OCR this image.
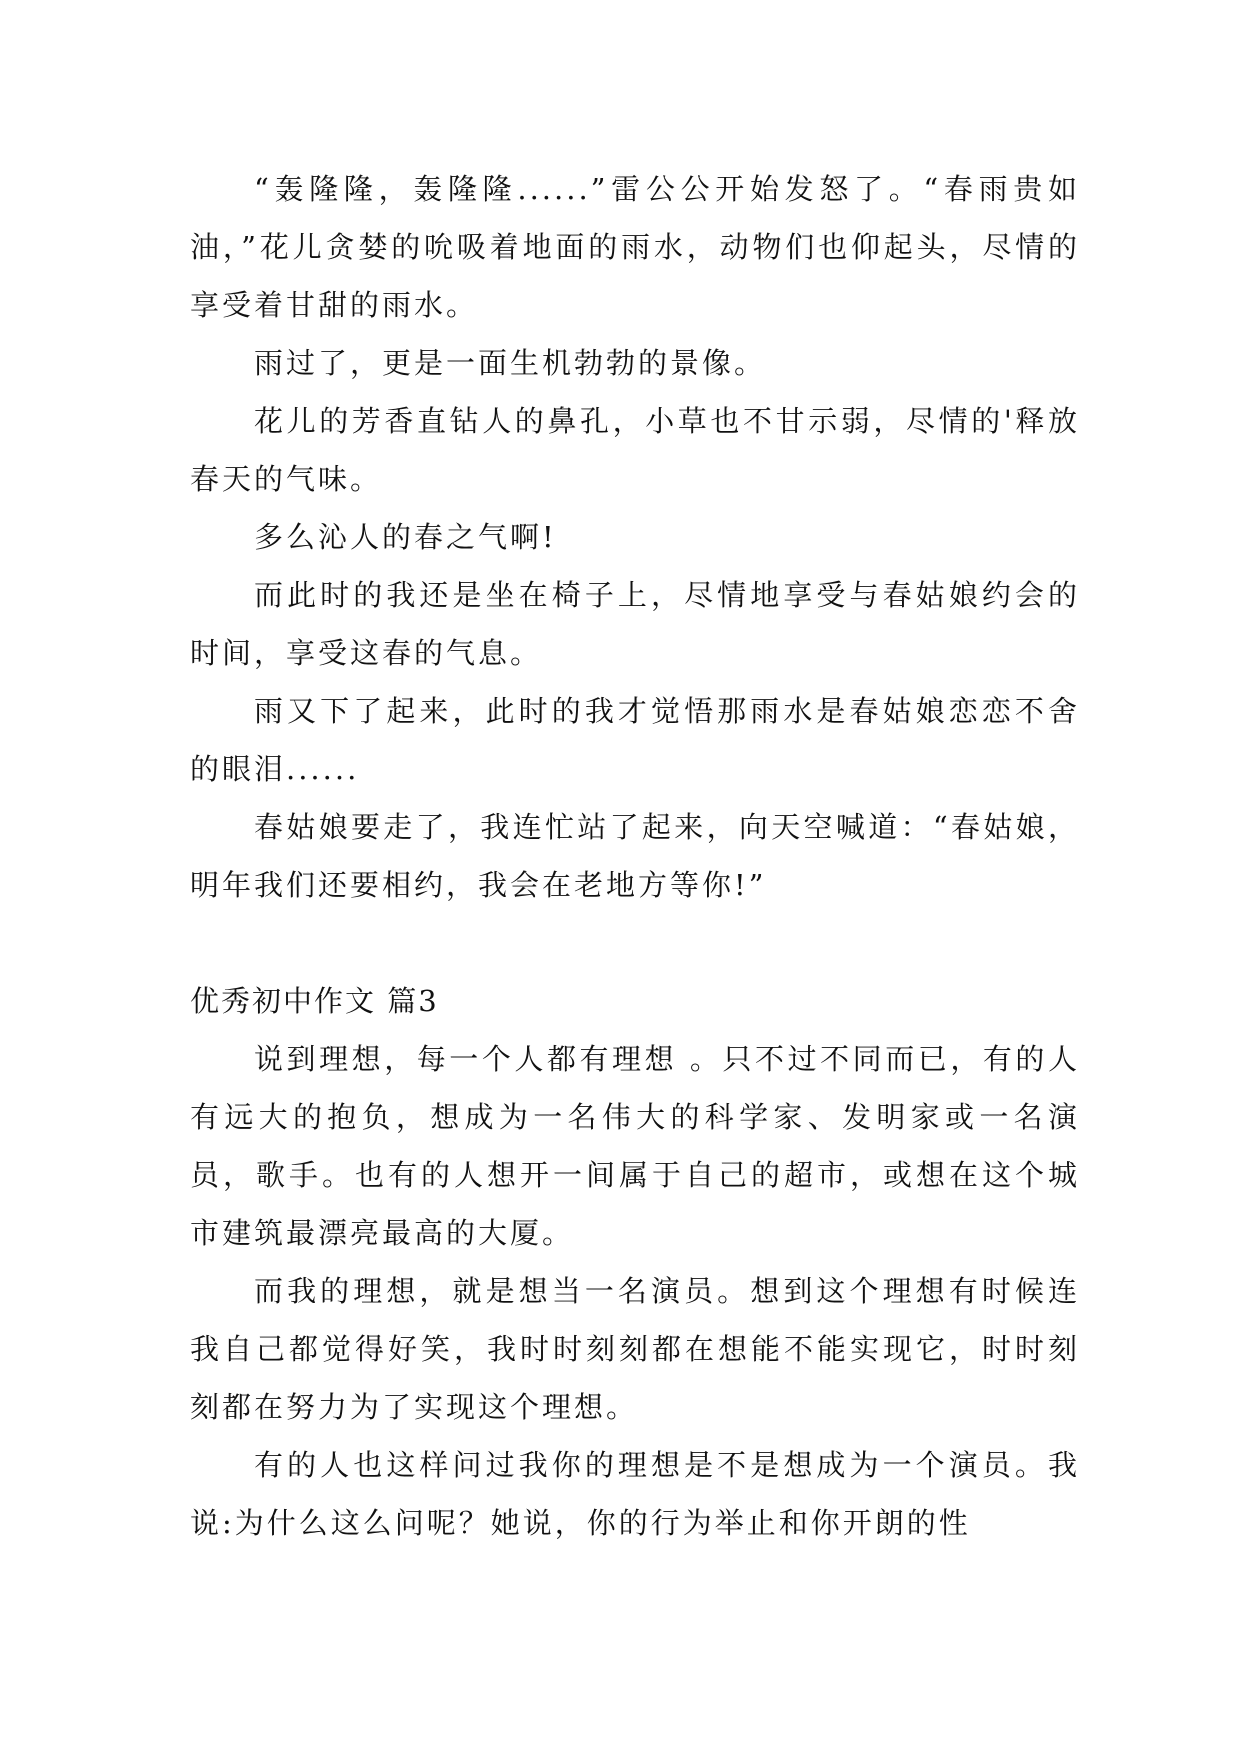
“轰隆隆，轰隆隆......”雷公公开始发怒了。“春雨贵如油，”花儿贪婪的吮吸着地面的雨水，动物们也仰起头，尽情的享受着甘甜的雨水。

雨过了，更是一面生机勃勃的景像。

花儿的芳香直钻人的鼻孔，小草也不甘示弱，尽情的'释放春天的气味。

多么沁人的春之气啊!

而此时的我还是坐在椅子上，尽情地享受与春姑娘约会的时间，享受这春的气息。

雨又下了起来，此时的我才觉悟那雨水是春姑娘恋恋不舍的眼泪......

春姑娘要走了，我连忙站了起来，向天空喊道：“春姑娘，明年我们还要相约，我会在老地方等你!”

优秀初中作文 篇3

说到理想，每一个人都有理想 。只不过不同而已，有的人有远大的抱负，想成为一名伟大的科学家、发明家或一名演员，歌手。也有的人想开一间属于自己的超市，或想在这个城市建筑最漂亮最高的大厦。

而我的理想，就是想当一名演员。想到这个理想有时候连我自己都觉得好笑，我时时刻刻都在想能不能实现它，时时刻刻都在努力为了实现这个理想。

有的人也这样问过我你的理想是不是想成为一个演员。我说:为什么这么问呢？她说，你的行为举止和你开朗的性
